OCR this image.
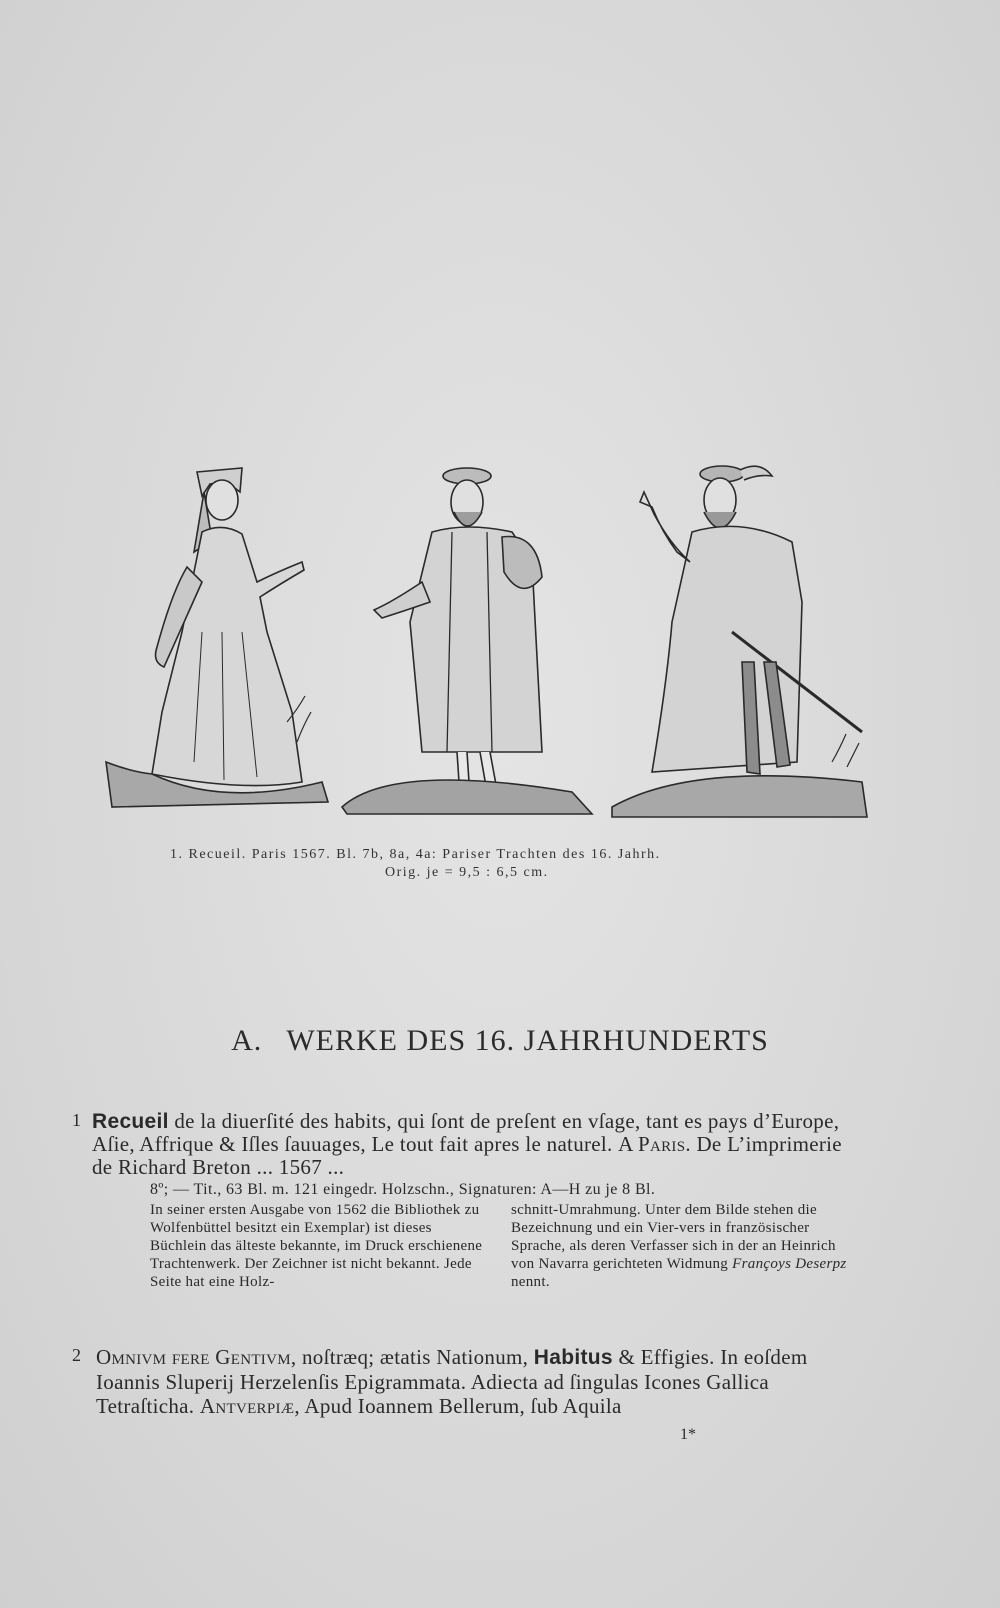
1. Recueil. Paris 1567. Bl. 7b, 8a, 4a: Pariser Trachten des 16. Jahrh.
Orig. je = 9,5 : 6,5 cm.
A. WERKE DES 16. JAHRHUNDERTS
1 Recueil de la diuerſité des habits, qui ſont de preſent en vſage, tant es pays d’Europe, Aſie, Affrique & Iſles ſauuages, Le tout fait apres le naturel. A Paris. De L’imprimerie de Richard Breton ... 1567 ...
8º; — Tit., 63 Bl. m. 121 eingedr. Holzschn., Signaturen: A—H zu je 8 Bl.
In seiner ersten Ausgabe von 1562 die Bibliothek zu Wolfenbüttel besitzt ein Exemplar) ist dieses Büchlein das älteste bekannte, im Druck erschienene Trachtenwerk. Der Zeichner ist nicht bekannt. Jede Seite hat eine Holz-
schnitt-Umrahmung. Unter dem Bilde stehen die Bezeichnung und ein Vier-vers in französischer Sprache, als deren Verfasser sich in der an Heinrich von Navarra gerichteten Widmung Françoys Deserpz nennt.
2 Omnivm fere Gentivm, noſtræq; ætatis Nationum, Habitus & Effigies. In eoſdem Ioannis Sluperij Herzelenſis Epigrammata. Adiecta ad ſingulas Icones Gallica Tetraſticha. Antverpiæ, Apud Ioannem Bellerum, ſub Aquila
1*
